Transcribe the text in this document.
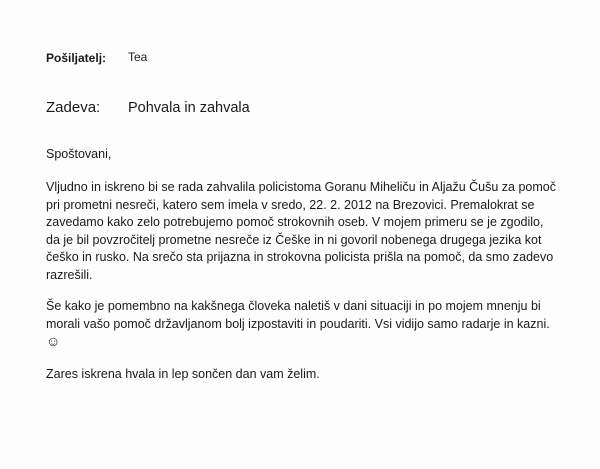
Pošiljatelj: Tea
Zadeva: Pohvala in zahvala
Spoštovani,
Vljudno in iskreno bi se rada zahvalila policistoma Goranu Miheliču in Aljažu Čušu za pomoč
pri prometni nesreči, katero sem imela v sredo, 22. 2. 2012 na Brezovici. Premalokrat se
zavedamo kako zelo potrebujemo pomoč strokovnih oseb. V mojem primeru se je zgodilo,
da je bil povzročitelj prometne nesreče iz Češke in ni govoril nobenega drugega jezika kot
češko in rusko. Na srečo sta prijazna in strokovna policista prišla na pomoč, da smo zadevo
razrešili.
Še kako je pomembno na kakšnega človeka naletiš v dani situaciji in po mojem mnenju bi
morali vašo pomoč državljanom bolj izpostaviti in poudariti. Vsi vidijo samo radarje in kazni.
☺
Zares iskrena hvala in lep sončen dan vam želim.
